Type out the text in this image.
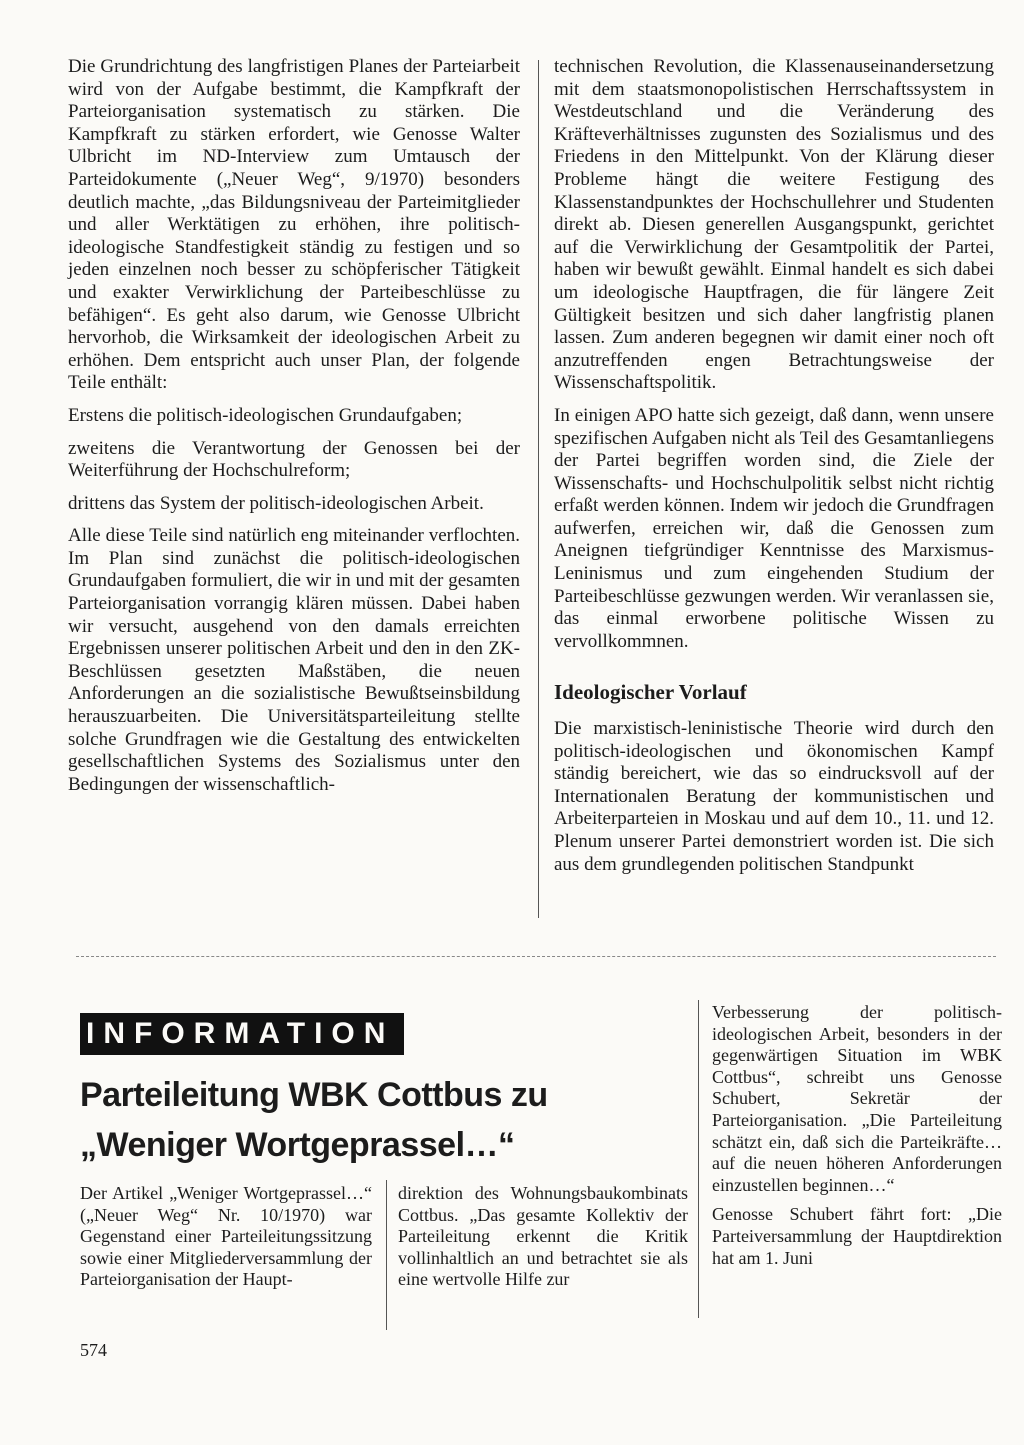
Die Grundrichtung des langfristigen Planes der Parteiarbeit wird von der Aufgabe bestimmt, die Kampfkraft der Parteiorganisation systematisch zu stärken. Die Kampfkraft zu stärken erfordert, wie Genosse Walter Ulbricht im ND-Interview zum Umtausch der Parteidokumente („Neuer Weg“, 9/1970) besonders deutlich machte, „das Bildungsniveau der Parteimitglieder und aller Werktätigen zu erhöhen, ihre politisch-ideologische Standfestigkeit ständig zu festigen und so jeden einzelnen noch besser zu schöpferischer Tätigkeit und exakter Verwirklichung der Parteibeschlüsse zu befähigen“. Es geht also darum, wie Genosse Ulbricht hervorhob, die Wirksamkeit der ideologischen Arbeit zu erhöhen. Dem entspricht auch unser Plan, der folgende Teile enthält:

Erstens die politisch-ideologischen Grundaufgaben;

zweitens die Verantwortung der Genossen bei der Weiterführung der Hochschulreform;

drittens das System der politisch-ideologischen Arbeit.

Alle diese Teile sind natürlich eng miteinander verflochten. Im Plan sind zunächst die politisch-ideologischen Grundaufgaben formuliert, die wir in und mit der gesamten Parteiorganisation vorrangig klären müssen. Dabei haben wir versucht, ausgehend von den damals erreichten Ergebnissen unserer politischen Arbeit und den in den ZK-Beschlüssen gesetzten Maßstäben, die neuen Anforderungen an die sozialistische Bewußtseinsbildung herauszuarbeiten. Die Universitätsparteileitung stellte solche Grundfragen wie die Gestaltung des entwickelten gesellschaftlichen Systems des Sozialismus unter den Bedingungen der wissenschaftlich-

technischen Revolution, die Klassenauseinandersetzung mit dem staatsmonopolistischen Herrschaftssystem in Westdeutschland und die Veränderung des Kräfteverhältnisses zugunsten des Sozialismus und des Friedens in den Mittelpunkt. Von der Klärung dieser Probleme hängt die weitere Festigung des Klassenstandpunktes der Hochschullehrer und Studenten direkt ab. Diesen generellen Ausgangspunkt, gerichtet auf die Verwirklichung der Gesamtpolitik der Partei, haben wir bewußt gewählt. Einmal handelt es sich dabei um ideologische Hauptfragen, die für längere Zeit Gültigkeit besitzen und sich daher langfristig planen lassen. Zum anderen begegnen wir damit einer noch oft anzutreffenden engen Betrachtungsweise der Wissenschaftspolitik.

In einigen APO hatte sich gezeigt, daß dann, wenn unsere spezifischen Aufgaben nicht als Teil des Gesamtanliegens der Partei begriffen worden sind, die Ziele der Wissenschafts- und Hochschulpolitik selbst nicht richtig erfaßt werden können. Indem wir jedoch die Grundfragen aufwerfen, erreichen wir, daß die Genossen zum Aneignen tiefgründiger Kenntnisse des Marxismus-Leninismus und zum eingehenden Studium der Parteibeschlüsse gezwungen werden. Wir veranlassen sie, das einmal erworbene politische Wissen zu vervollkommnen.

Ideologischer Vorlauf

Die marxistisch-leninistische Theorie wird durch den politisch-ideologischen und ökonomischen Kampf ständig bereichert, wie das so eindrucksvoll auf der Internationalen Beratung der kommunistischen und Arbeiterparteien in Moskau und auf dem 10., 11. und 12. Plenum unserer Partei demonstriert worden ist. Die sich aus dem grundlegenden politischen Standpunkt

INFORMATION
Parteileitung WBK Cottbus zu
„Weniger Wortgeprassel…“
Der Artikel „Weniger Wortgeprassel…“ („Neuer Weg“ Nr. 10/1970) war Gegenstand einer Parteileitungssitzung sowie einer Mitgliederversammlung der Parteiorganisation der Haupt-
direktion des Wohnungsbaukombinats Cottbus. „Das gesamte Kollektiv der Parteileitung erkennt die Kritik vollinhaltlich an und betrachtet sie als eine wertvolle Hilfe zur

Verbesserung der politisch-ideologischen Arbeit, besonders in der gegenwärtigen Situation im WBK Cottbus“, schreibt uns Genosse Schubert, Sekretär der Parteiorganisation. „Die Parteileitung schätzt ein, daß sich die Parteikräfte… auf die neuen höheren Anforderungen einzustellen beginnen…“

Genosse Schubert fährt fort: „Die Parteiversammlung der Hauptdirektion hat am 1. Juni

574
